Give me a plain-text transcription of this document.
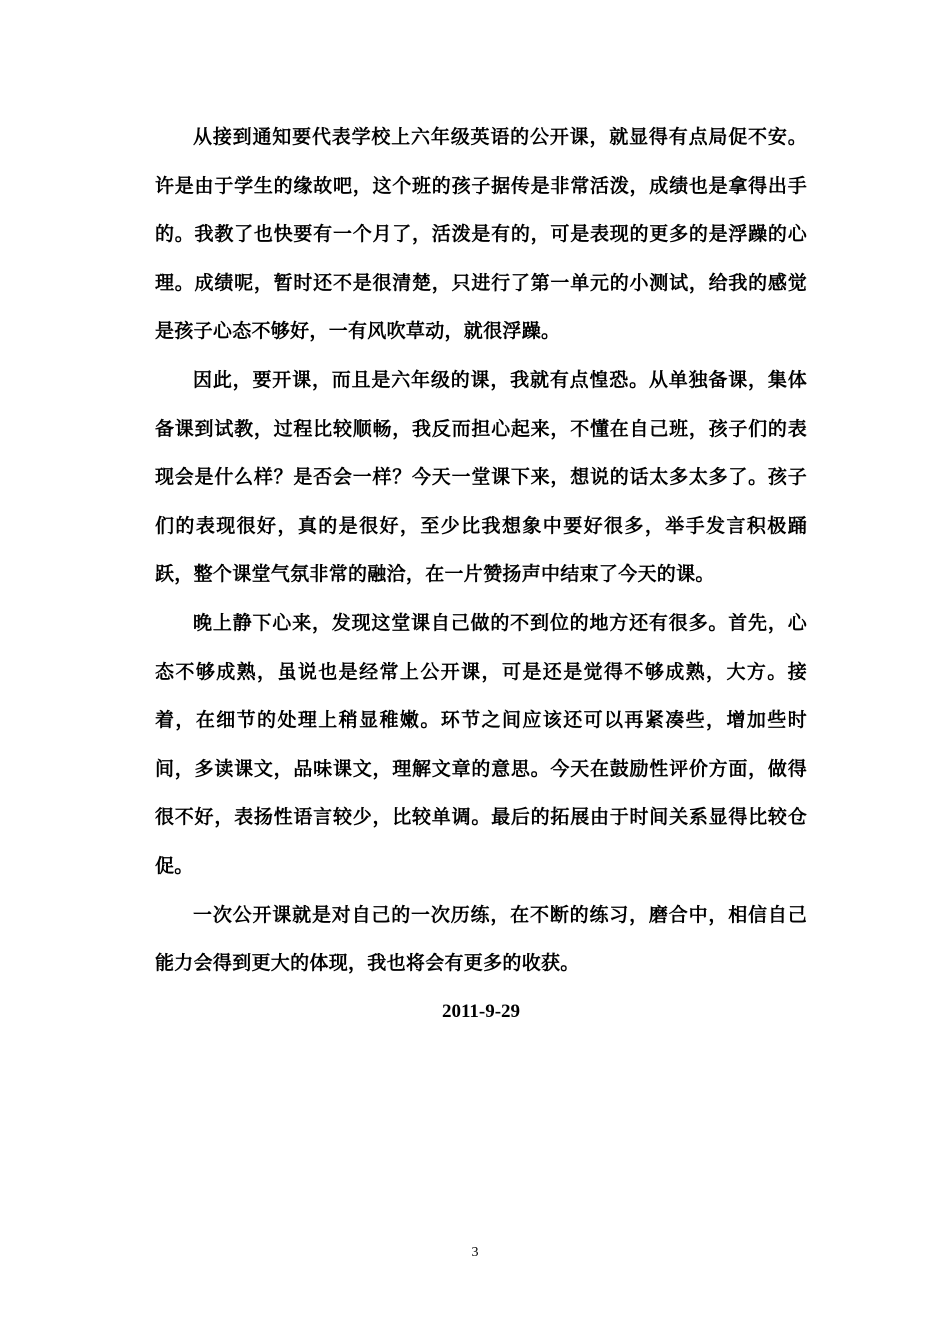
从接到通知要代表学校上六年级英语的公开课，就显得有点局促不安。许是由于学生的缘故吧，这个班的孩子据传是非常活泼，成绩也是拿得出手的。我教了也快要有一个月了，活泼是有的，可是表现的更多的是浮躁的心理。成绩呢，暂时还不是很清楚，只进行了第一单元的小测试，给我的感觉是孩子心态不够好，一有风吹草动，就很浮躁。

因此，要开课，而且是六年级的课，我就有点惶恐。从单独备课，集体备课到试教，过程比较顺畅，我反而担心起来，不懂在自己班，孩子们的表现会是什么样？是否会一样？今天一堂课下来，想说的话太多太多了。孩子们的表现很好，真的是很好，至少比我想象中要好很多，举手发言积极踊跃，整个课堂气氛非常的融洽，在一片赞扬声中结束了今天的课。

晚上静下心来，发现这堂课自己做的不到位的地方还有很多。首先，心态不够成熟，虽说也是经常上公开课，可是还是觉得不够成熟，大方。接着，在细节的处理上稍显稚嫩。环节之间应该还可以再紧凑些，增加些时间，多读课文，品味课文，理解文章的意思。今天在鼓励性评价方面，做得很不好，表扬性语言较少，比较单调。最后的拓展由于时间关系显得比较仓促。

一次公开课就是对自己的一次历练，在不断的练习，磨合中，相信自己能力会得到更大的体现，我也将会有更多的收获。

2011-9-29

3
